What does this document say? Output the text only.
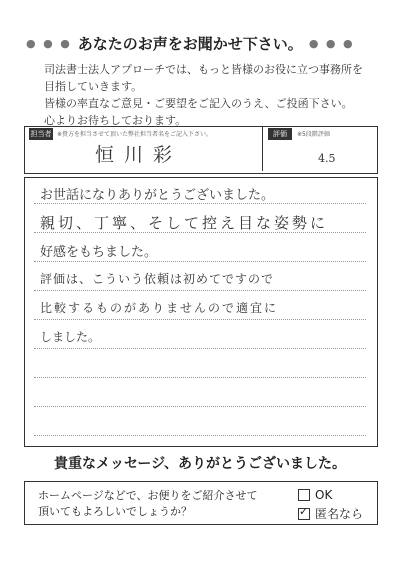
● ● ● あなたのお声をお聞かせ下さい。 ● ● ●
司法書士法人アプローチでは、もっと皆様のお役に立つ事務所を
目指していきます。
皆様の率直なご意見・ご要望をご記入のうえ、ご投函下さい。
心よりお待ちしております。
担当者 ※貴方を担当させて頂いた弊社担当者名をご記入下さい。
恒川彩
評価	※5段階評価
4.5
お世話になりありがとうございました。
親切、丁寧、そして控え目な姿勢に
好感をもちました。
評価は、こういう依頼は初めてですので
比較するものがありませんので適宜に
しました。
貴重なメッセージ、ありがとうございました。
ホームページなどで、お便りをご紹介させて
頂いてもよろしいでしょうか？
OK
✓
匿名なら
